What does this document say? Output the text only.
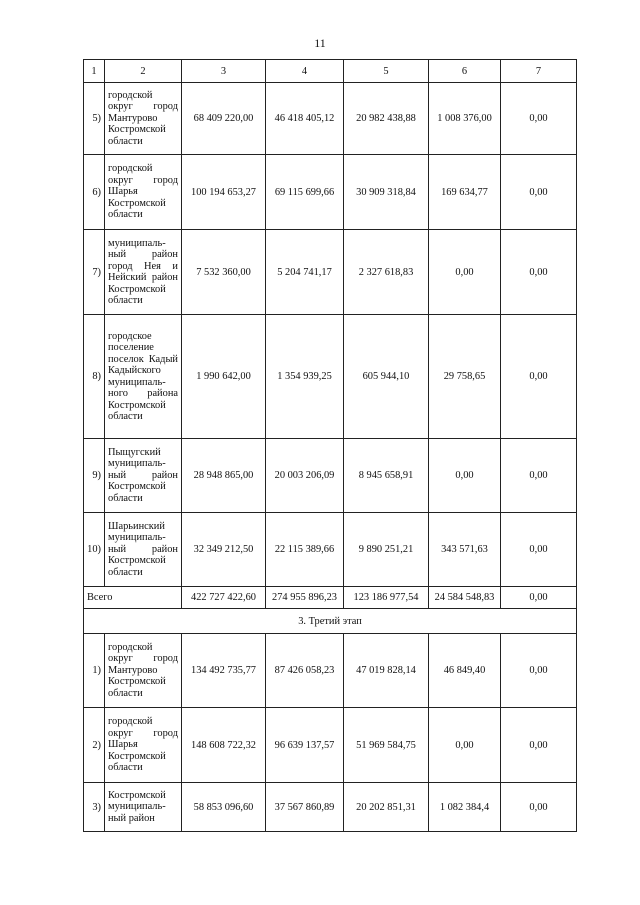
11
1	2	3	4	5	6	7
5)	городской округ город Мантурово Костромской области	68 409 220,00	46 418 405,12	20 982 438,88	1 008 376,00	0,00
6)	городской округ город Шарья Костромской области	100 194 653,27	69 115 699,66	30 909 318,84	169 634,77	0,00
7)	муниципаль-ный район город Нея и Нейский район Костромской области	7 532 360,00	5 204 741,17	2 327 618,83	0,00	0,00
8)	городское поселение поселок Кадый Кадыйского муниципаль-ного района Костромской области	1 990 642,00	1 354 939,25	605 944,10	29 758,65	0,00
9)	Пыщугский муниципаль-ный район Костромской области	28 948 865,00	20 003 206,09	8 945 658,91	0,00	0,00
10)	Шарьинский муниципаль-ный район Костромской области	32 349 212,50	22 115 389,66	9 890 251,21	343 571,63	0,00
Всего		422 727 422,60	274 955 896,23	123 186 977,54	24 584 548,83	0,00
3. Третий этап						
1)	городской округ город Мантурово Костромской области	134 492 735,77	87 426 058,23	47 019 828,14	46 849,40	0,00
2)	городской округ город Шарья Костромской области	148 608 722,32	96 639 137,57	51 969 584,75	0,00	0,00
3)	Костромской муниципаль-ный район	58 853 096,60	37 567 860,89	20 202 851,31	1 082 384,4	0,00
